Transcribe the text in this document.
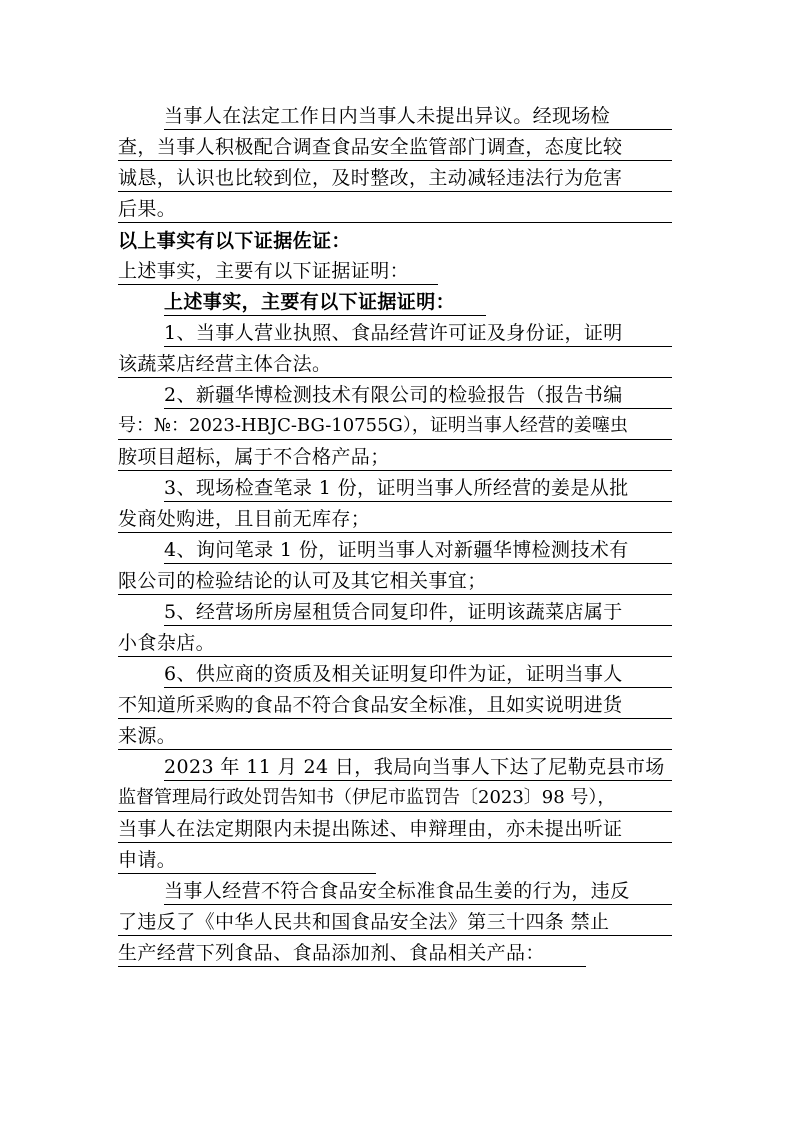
当事人在法定工作日内当事人未提出异议。经现场检
查，当事人积极配合调查食品安全监管部门调查，态度比较
诚恳，认识也比较到位，及时整改，主动减轻违法行为危害
后果。
以上事实有以下证据佐证：
上述事实，主要有以下证据证明：
上述事实，主要有以下证据证明：
1、当事人营业执照、食品经营许可证及身份证，证明
该蔬菜店经营主体合法。
2、新疆华博检测技术有限公司的检验报告（报告书编
号：№：2023-HBJC-BG-10755G），证明当事人经营的姜噻虫
胺项目超标，属于不合格产品；
3、现场检查笔录 1 份，证明当事人所经营的姜是从批
发商处购进，且目前无库存；
4、询问笔录 1 份，证明当事人对新疆华博检测技术有
限公司的检验结论的认可及其它相关事宜；
5、经营场所房屋租赁合同复印件，证明该蔬菜店属于
小食杂店。
6、供应商的资质及相关证明复印件为证，证明当事人
不知道所采购的食品不符合食品安全标准，且如实说明进货
来源。
2023 年 11 月 24 日，我局向当事人下达了尼勒克县市场
监督管理局行政处罚告知书（伊尼市监罚告〔2023〕98 号），
当事人在法定期限内未提出陈述、申辩理由，亦未提出听证
申请。
当事人经营不符合食品安全标准食品生姜的行为，违反
了违反了《中华人民共和国食品安全法》第三十四条 禁止
生产经营下列食品、食品添加剂、食品相关产品：
